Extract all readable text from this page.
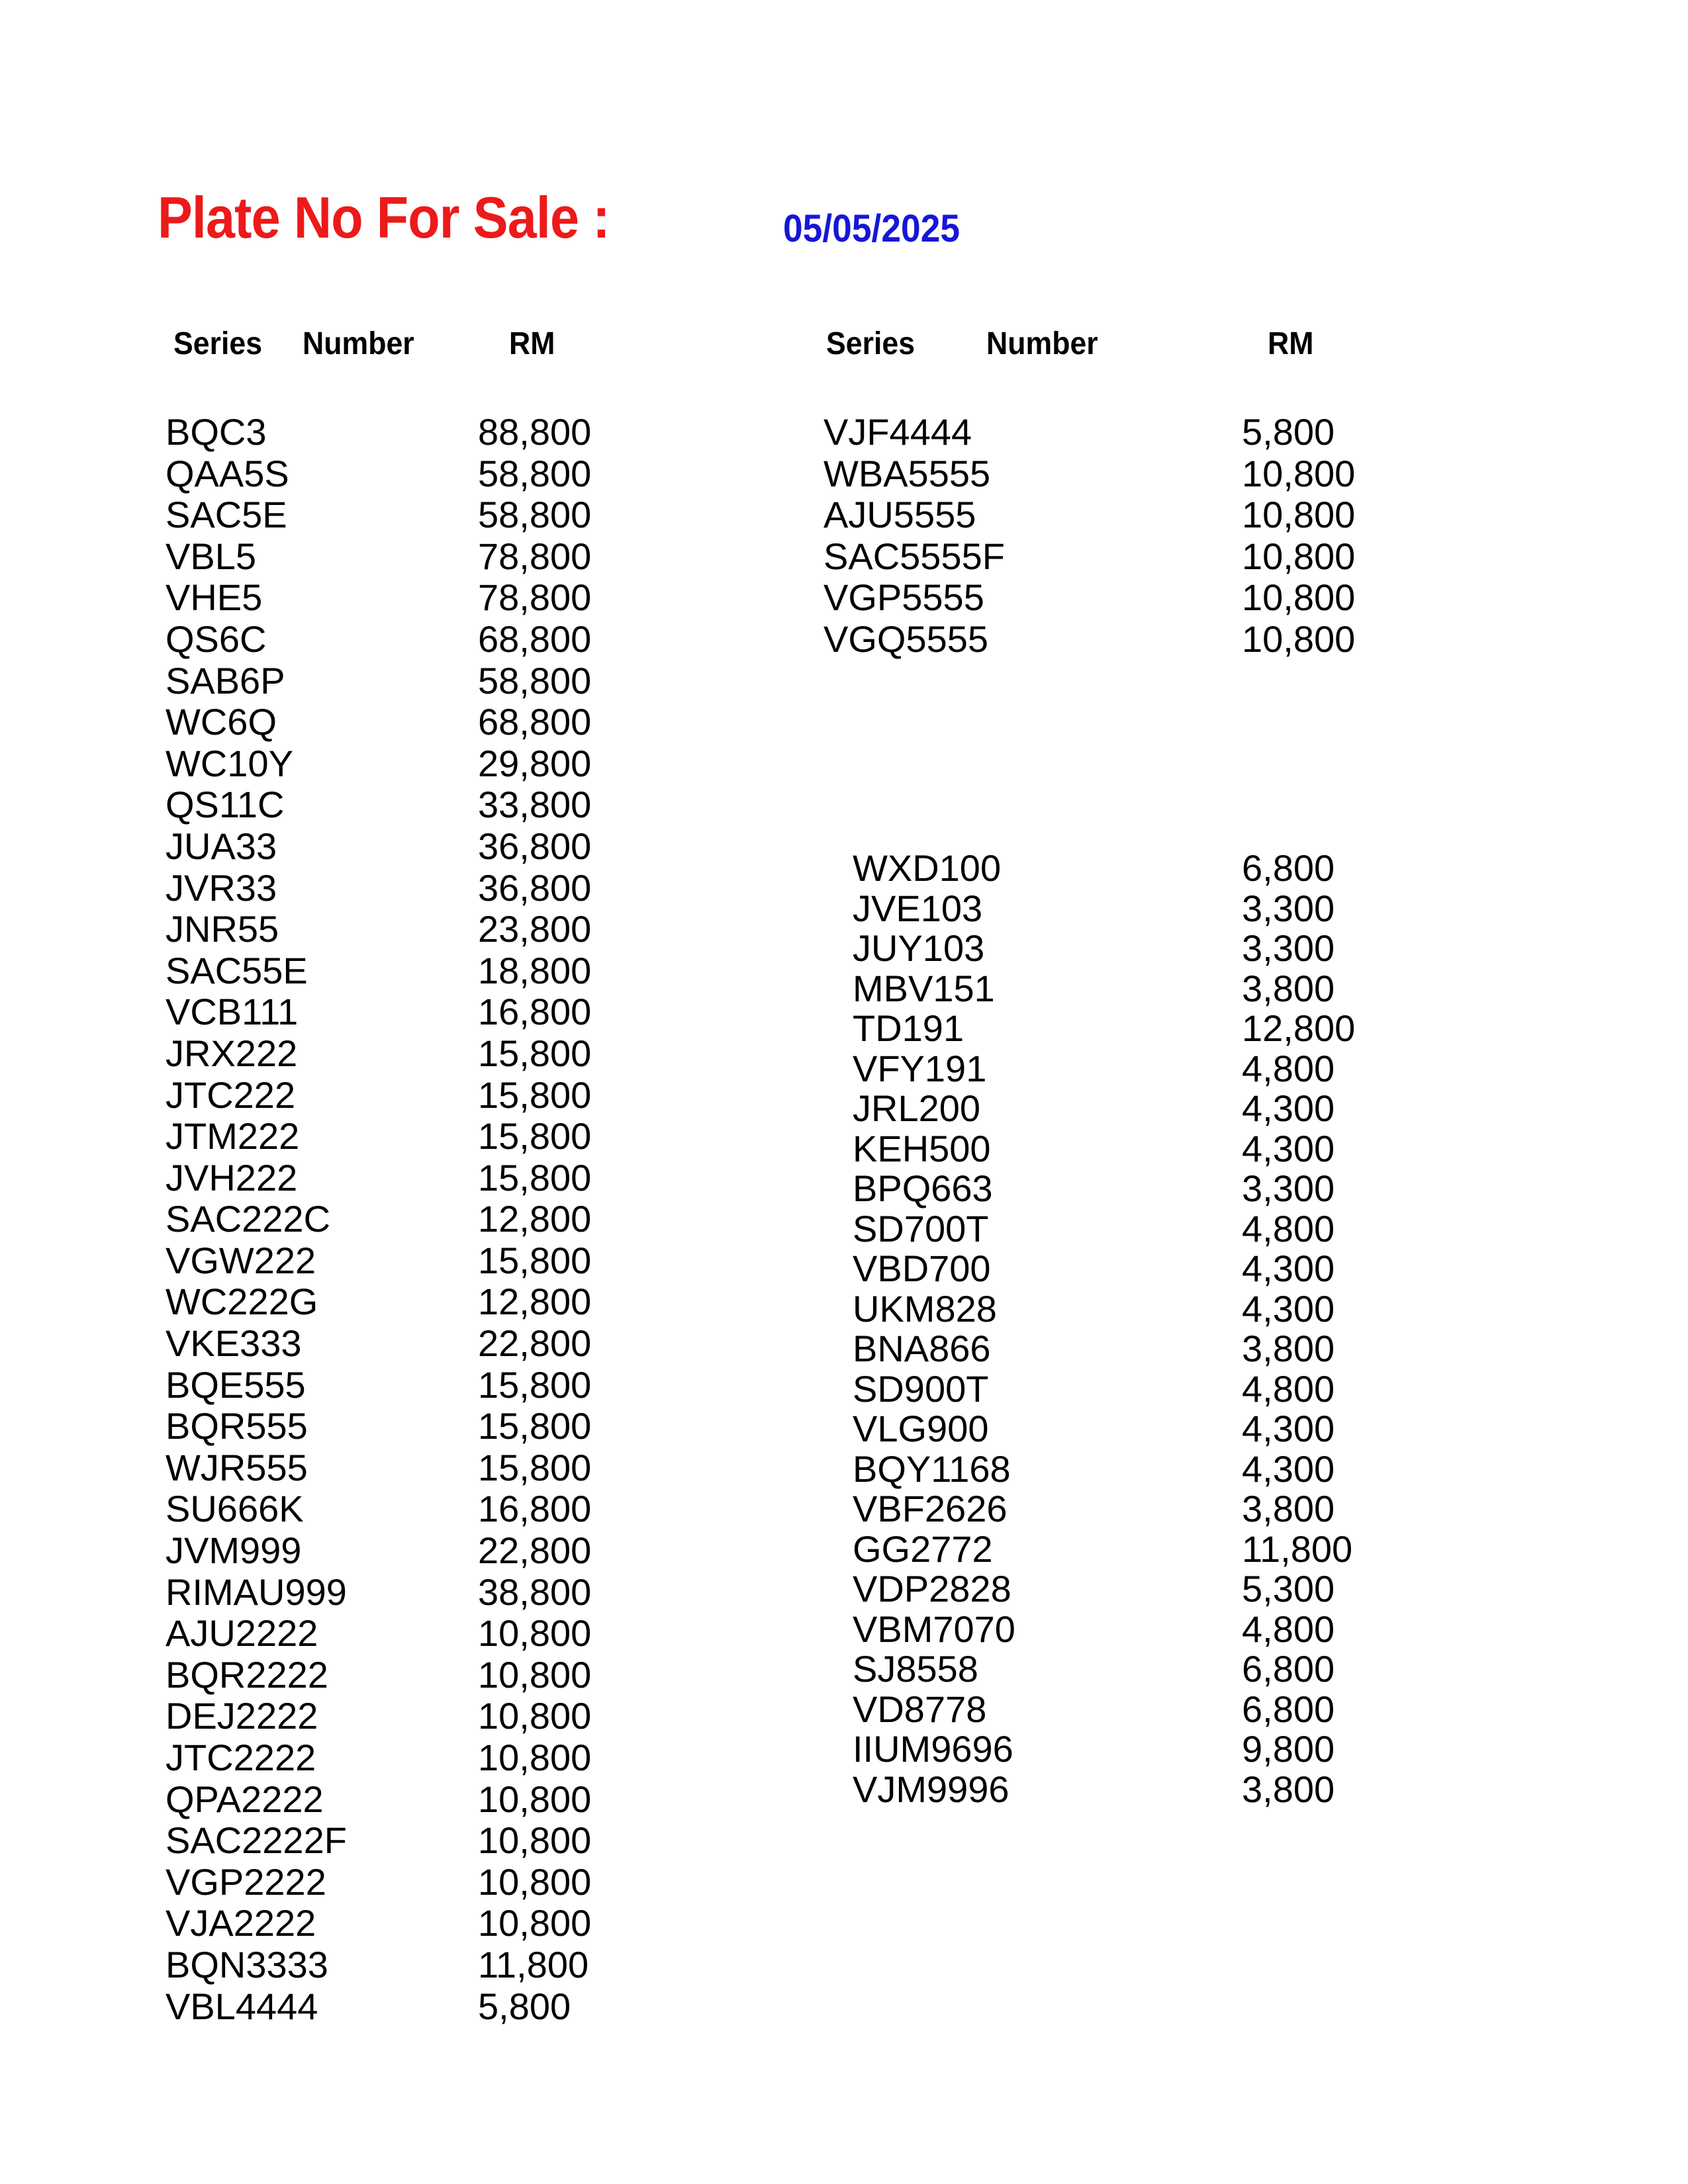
Plate No For Sale :	05/05/2025
Series Number	RM	Series Number	RM
BQC3	88,800
QAA5S	58,800
SAC5E	58,800
VBL5	78,800
VHE5	78,800
QS6C	68,800
SAB6P	58,800
WC6Q	68,800
WC10Y	29,800
QS11C	33,800
JUA33	36,800
JVR33	36,800
JNR55	23,800
SAC55E	18,800
VCB111	16,800
JRX222	15,800
JTC222	15,800
JTM222	15,800
JVH222	15,800
SAC222C	12,800
VGW222	15,800
WC222G	12,800
VKE333	22,800
BQE555	15,800
BQR555	15,800
WJR555	15,800
SU666K	16,800
JVM999	22,800
RIMAU999	38,800
AJU2222	10,800
BQR2222	10,800
DEJ2222	10,800
JTC2222	10,800
QPA2222	10,800
SAC2222F	10,800
VGP2222	10,800
VJA2222	10,800
BQN3333	11,800
VBL4444	5,800
VJF4444	5,800
WBA5555	10,800
AJU5555	10,800
SAC5555F	10,800
VGP5555	10,800
VGQ5555	10,800
WXD100	6,800
JVE103	3,300
JUY103	3,300
MBV151	3,800
TD191	12,800
VFY191	4,800
JRL200	4,300
KEH500	4,300
BPQ663	3,300
SD700T	4,800
VBD700	4,300
UKM828	4,300
BNA866	3,800
SD900T	4,800
VLG900	4,300
BQY1168	4,300
VBF2626	3,800
GG2772	11,800
VDP2828	5,300
VBM7070	4,800
SJ8558	6,800
VD8778	6,800
IIUM9696	9,800
VJM9996	3,800
